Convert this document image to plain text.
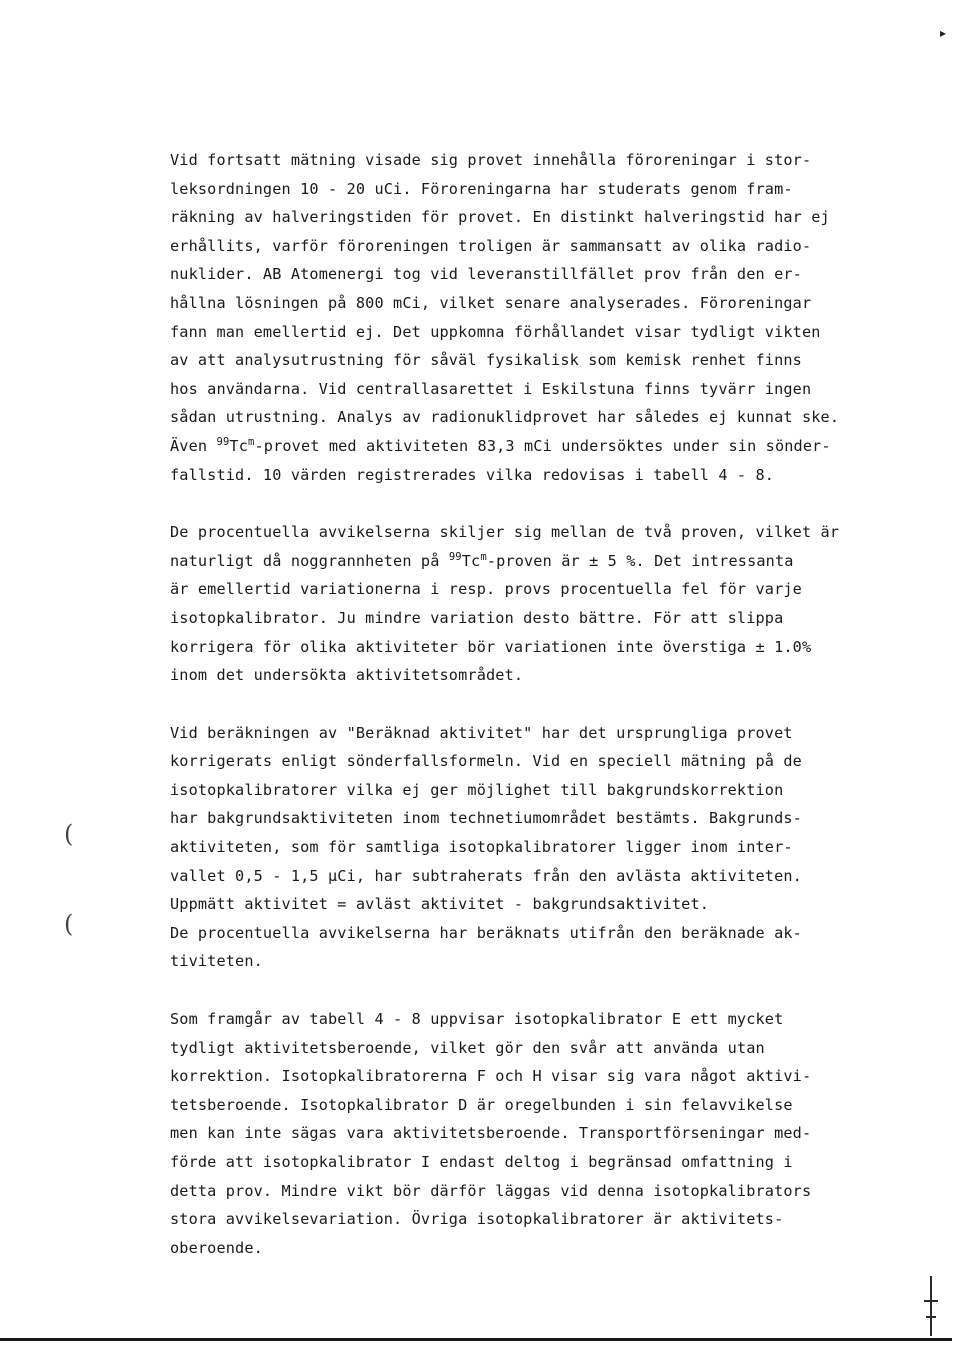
▸
(
(
Vid fortsatt mätning visade sig provet innehålla föroreningar i stor-
leksordningen 10 - 20 uCi. Föroreningarna har studerats genom fram-
räkning av halveringstiden för provet. En distinkt halveringstid har ej
erhållits, varför föroreningen troligen är sammansatt av olika radio-
nuklider. AB Atomenergi tog vid leveranstillfället prov från den er-
hållna lösningen på 800 mCi, vilket senare analyserades. Föroreningar
fann man emellertid ej. Det uppkomna förhållandet visar tydligt vikten
av att analysutrustning för såväl fysikalisk som kemisk renhet finns
hos användarna. Vid centrallasarettet i Eskilstuna finns tyvärr ingen
sådan utrustning. Analys av radionuklidprovet har således ej kunnat ske.
Även $^{99}$Tc$^m$-provet med aktiviteten 83,3 mCi undersöktes under sin sönder-
fallstid. 10 värden registrerades vilka redovisas i tabell 4 - 8.
De procentuella avvikelserna skiljer sig mellan de två proven, vilket är
naturligt då noggrannheten på $^{99}$Tc$^m$-proven är ± 5 %. Det intressanta
är emellertid variationerna i resp. provs procentuella fel för varje
isotopkalibrator. Ju mindre variation desto bättre. För att slippa
korrigera för olika aktiviteter bör variationen inte överstiga ± 1.0%
inom det undersökta aktivitetsområdet.
Vid beräkningen av "Beräknad aktivitet" har det ursprungliga provet
korrigerats enligt sönderfallsformeln. Vid en speciell mätning på de
isotopkalibratorer vilka ej ger möjlighet till bakgrundskorrektion
har bakgrundsaktiviteten inom technetiumområdet bestämts. Bakgrunds-
aktiviteten, som för samtliga isotopkalibratorer ligger inom inter-
vallet 0,5 - 1,5 µCi, har subtraherats från den avlästa aktiviteten.
Uppmätt aktivitet = avläst aktivitet - bakgrundsaktivitet.
De procentuella avvikelserna har beräknats utifrån den beräknade ak-
tiviteten.
Som framgår av tabell 4 - 8 uppvisar isotopkalibrator E ett mycket
tydligt aktivitetsberoende, vilket gör den svår att använda utan
korrektion. Isotopkalibratorerna F och H visar sig vara något aktivi-
tetsberoende. Isotopkalibrator D är oregelbunden i sin felavvikelse
men kan inte sägas vara aktivitetsberoende. Transportförseningar med-
förde att isotopkalibrator I endast deltog i begränsad omfattning i
detta prov. Mindre vikt bör därför läggas vid denna isotopkalibrators
stora avvikelsevariation. Övriga isotopkalibratorer är aktivitets-
oberoende.
